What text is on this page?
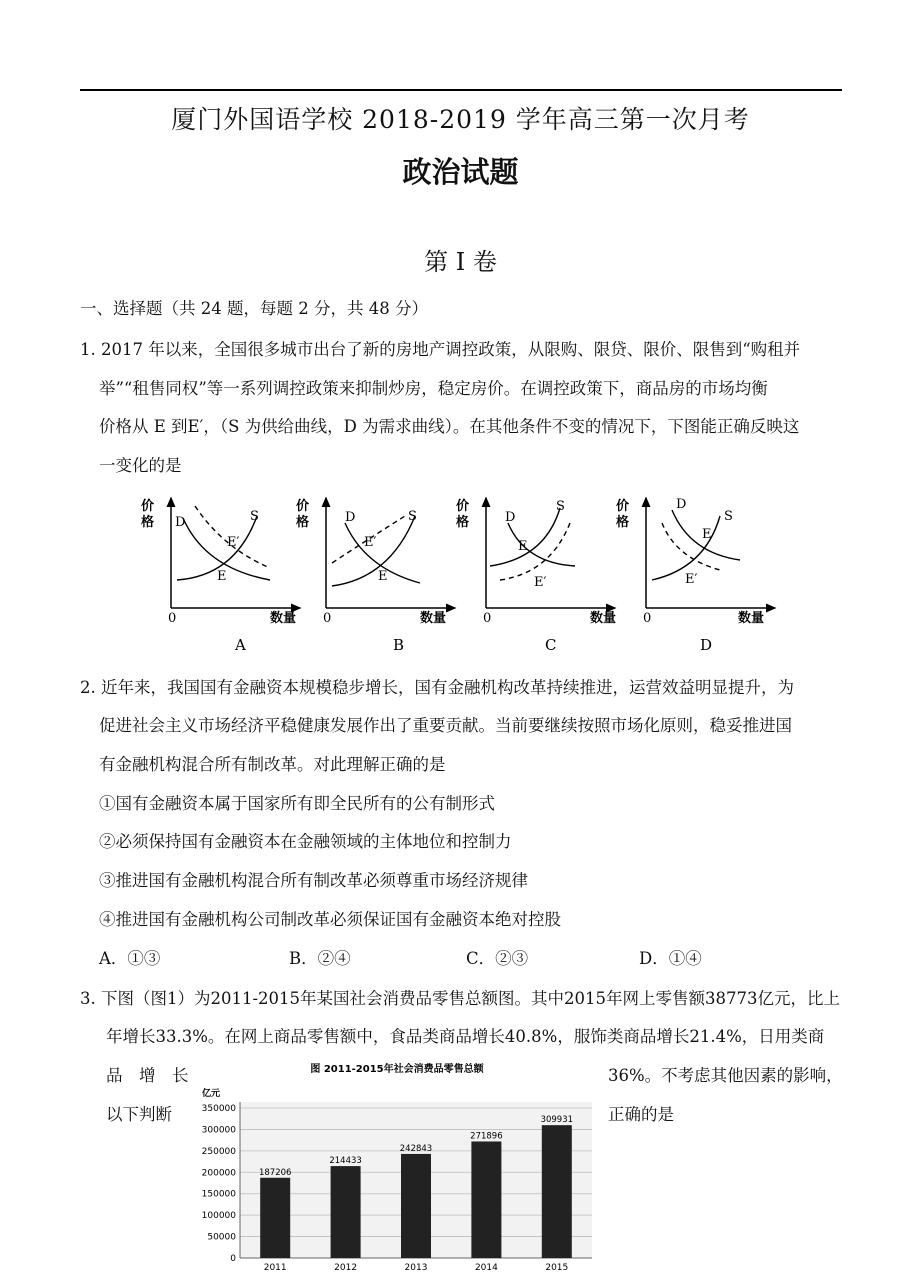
厦门外国语学校 2018-2019 学年高三第一次月考
政治试题
第 I 卷
一、选择题（共 24 题，每题 2 分，共 48 分）
1. 2017 年以来，全国很多城市出台了新的房地产调控政策，从限购、限贷、限价、限售到“购租并
举”“租售同权”等一系列调控政策来抑制炒房，稳定房价。在调控政策下，商品房的市场均衡
价格从 E 到E′，（S 为供给曲线，D 为需求曲线）。在其他条件不变的情况下，下图能正确反映这
一变化的是
价
格 D	S
E′
E
0	数量
A
价
格	D	S
E′
E
0	数量
B
价
格	D
S
E
E′
0	数量
C
价
格
D
S
E
E′
0	数量
D
2. 近年来，我国国有金融资本规模稳步增长，国有金融机构改革持续推进，运营效益明显提升，为
促进社会主义市场经济平稳健康发展作出了重要贡献。当前要继续按照市场化原则，稳妥推进国
有金融机构混合所有制改革。对此理解正确的是
①国有金融资本属于国家所有即全民所有的公有制形式
②必须保持国有金融资本在金融领域的主体地位和控制力
③推进国有金融机构混合所有制改革必须尊重市场经济规律
④推进国有金融机构公司制改革必须保证国有金融资本绝对控股
A．①③	B．②④	C．②③	D．①④
3. 下图（图1）为2011-2015年某国社会消费品零售总额图。其中2015年网上零售额38773亿元，比上
年增长33.3%。在网上商品零售额中，食品类商品增长40.8%，服饰类商品增长21.4%，日用类商
品　增　长	36%。不考虑其他因素的影响，
以下判断	正确的是
图 2011-2015年社会消费品零售总额
亿元
0
50000
100000
150000
200000
250000
300000
350000
187206
2011
214433
2012
242843
2013
271896
2014
309931
2015
